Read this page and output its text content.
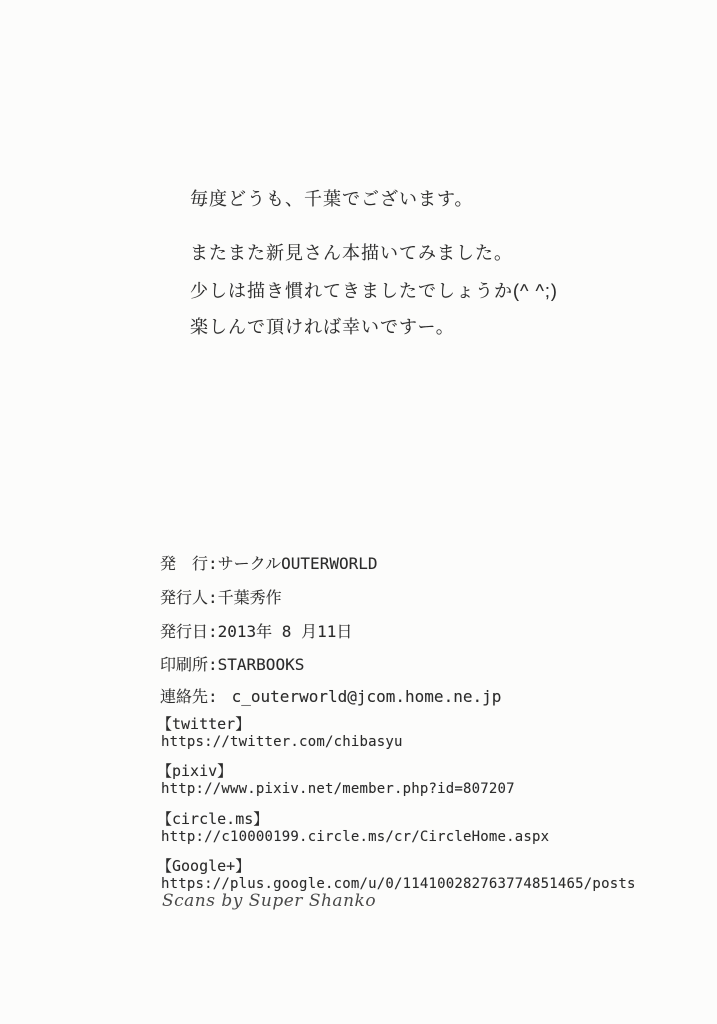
毎度どうも、千葉でございます。
またまた新見さん本描いてみました。
少しは描き慣れてきましたでしょうか(^ ^;)
楽しんで頂ければ幸いですー。
発　行:サークルOUTERWORLD
発行人:千葉秀作
発行日:2013年 8 月11日
印刷所:STARBOOKS
連絡先: c_outerworld@jcom.home.ne.jp
【twitter】
https://twitter.com/chibasyu
【pixiv】
http://www.pixiv.net/member.php?id=807207
【circle.ms】
http://c10000199.circle.ms/cr/CircleHome.aspx
【Google+】
https://plus.google.com/u/0/114100282763774851465/posts
Scans by Super Shanko
